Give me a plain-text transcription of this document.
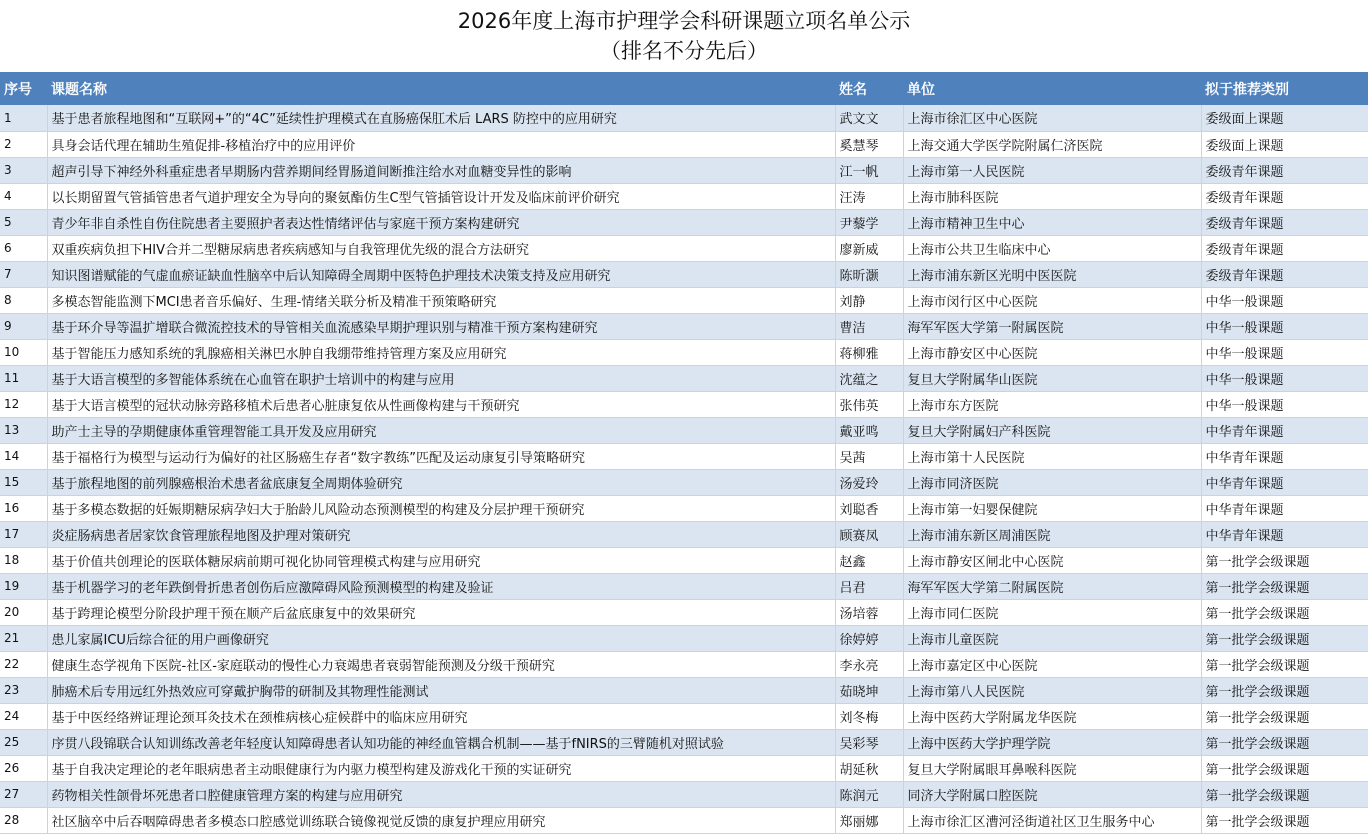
2026年度上海市护理学会科研课题立项名单公示
（排名不分先后）
序号	课题名称	姓名	单位	拟于推荐类别
1	基于患者旅程地图和“互联网+”的“4C”延续性护理模式在直肠癌保肛术后 LARS 防控中的应用研究	武文文	上海市徐汇区中心医院	委级面上课题
2	具身会话代理在辅助生殖促排-移植治疗中的应用评价	奚慧琴	上海交通大学医学院附属仁济医院	委级面上课题
3	超声引导下神经外科重症患者早期肠内营养期间经胃肠道间断推注给水对血糖变异性的影响	江一帆	上海市第一人民医院	委级青年课题
4	以长期留置气管插管患者气道护理安全为导向的聚氨酯仿生C型气管插管设计开发及临床前评价研究	汪涛	上海市肺科医院	委级青年课题
5	青少年非自杀性自伤住院患者主要照护者表达性情绪评估与家庭干预方案构建研究	尹藜学	上海市精神卫生中心	委级青年课题
6	双重疾病负担下HIV合并二型糖尿病患者疾病感知与自我管理优先级的混合方法研究	廖新威	上海市公共卫生临床中心	委级青年课题
7	知识图谱赋能的气虚血瘀证缺血性脑卒中后认知障碍全周期中医特色护理技术决策支持及应用研究	陈昕灏	上海市浦东新区光明中医医院	委级青年课题
8	多模态智能监测下MCI患者音乐偏好、生理-情绪关联分析及精准干预策略研究	刘静	上海市闵行区中心医院	中华一般课题
9	基于环介导等温扩增联合微流控技术的导管相关血流感染早期护理识别与精准干预方案构建研究	曹洁	海军军医大学第一附属医院	中华一般课题
10	基于智能压力感知系统的乳腺癌相关淋巴水肿自我绷带维持管理方案及应用研究	蒋柳雅	上海市静安区中心医院	中华一般课题
11	基于大语言模型的多智能体系统在心血管在职护士培训中的构建与应用	沈蕴之	复旦大学附属华山医院	中华一般课题
12	基于大语言模型的冠状动脉旁路移植术后患者心脏康复依从性画像构建与干预研究	张伟英	上海市东方医院	中华一般课题
13	助产士主导的孕期健康体重管理智能工具开发及应用研究	戴亚鸣	复旦大学附属妇产科医院	中华青年课题
14	基于福格行为模型与运动行为偏好的社区肠癌生存者“数字教练”匹配及运动康复引导策略研究	吴茜	上海市第十人民医院	中华青年课题
15	基于旅程地图的前列腺癌根治术患者盆底康复全周期体验研究	汤爱玲	上海市同济医院	中华青年课题
16	基于多模态数据的妊娠期糖尿病孕妇大于胎龄儿风险动态预测模型的构建及分层护理干预研究	刘聪香	上海市第一妇婴保健院	中华青年课题
17	炎症肠病患者居家饮食管理旅程地图及护理对策研究	顾赛凤	上海市浦东新区周浦医院	中华青年课题
18	基于价值共创理论的医联体糖尿病前期可视化协同管理模式构建与应用研究	赵鑫	上海市静安区闸北中心医院	第一批学会级课题
19	基于机器学习的老年跌倒骨折患者创伤后应激障碍风险预测模型的构建及验证	吕君	海军军医大学第二附属医院	第一批学会级课题
20	基于跨理论模型分阶段护理干预在顺产后盆底康复中的效果研究	汤培蓉	上海市同仁医院	第一批学会级课题
21	患儿家属ICU后综合征的用户画像研究	徐婷婷	上海市儿童医院	第一批学会级课题
22	健康生态学视角下医院-社区-家庭联动的慢性心力衰竭患者衰弱智能预测及分级干预研究	李永亮	上海市嘉定区中心医院	第一批学会级课题
23	肺癌术后专用远红外热效应可穿戴护胸带的研制及其物理性能测试	茹晓坤	上海市第八人民医院	第一批学会级课题
24	基于中医经络辨证理论颈耳灸技术在颈椎病核心症候群中的临床应用研究	刘冬梅	上海中医药大学附属龙华医院	第一批学会级课题
25	序贯八段锦联合认知训练改善老年轻度认知障碍患者认知功能的神经血管耦合机制——基于fNIRS的三臂随机对照试验	吴彩琴	上海中医药大学护理学院	第一批学会级课题
26	基于自我决定理论的老年眼病患者主动眼健康行为内驱力模型构建及游戏化干预的实证研究	胡延秋	复旦大学附属眼耳鼻喉科医院	第一批学会级课题
27	药物相关性颌骨坏死患者口腔健康管理方案的构建与应用研究	陈润元	同济大学附属口腔医院	第一批学会级课题
28	社区脑卒中后吞咽障碍患者多模态口腔感觉训练联合镜像视觉反馈的康复护理应用研究	郑丽娜	上海市徐汇区漕河泾街道社区卫生服务中心	第一批学会级课题
